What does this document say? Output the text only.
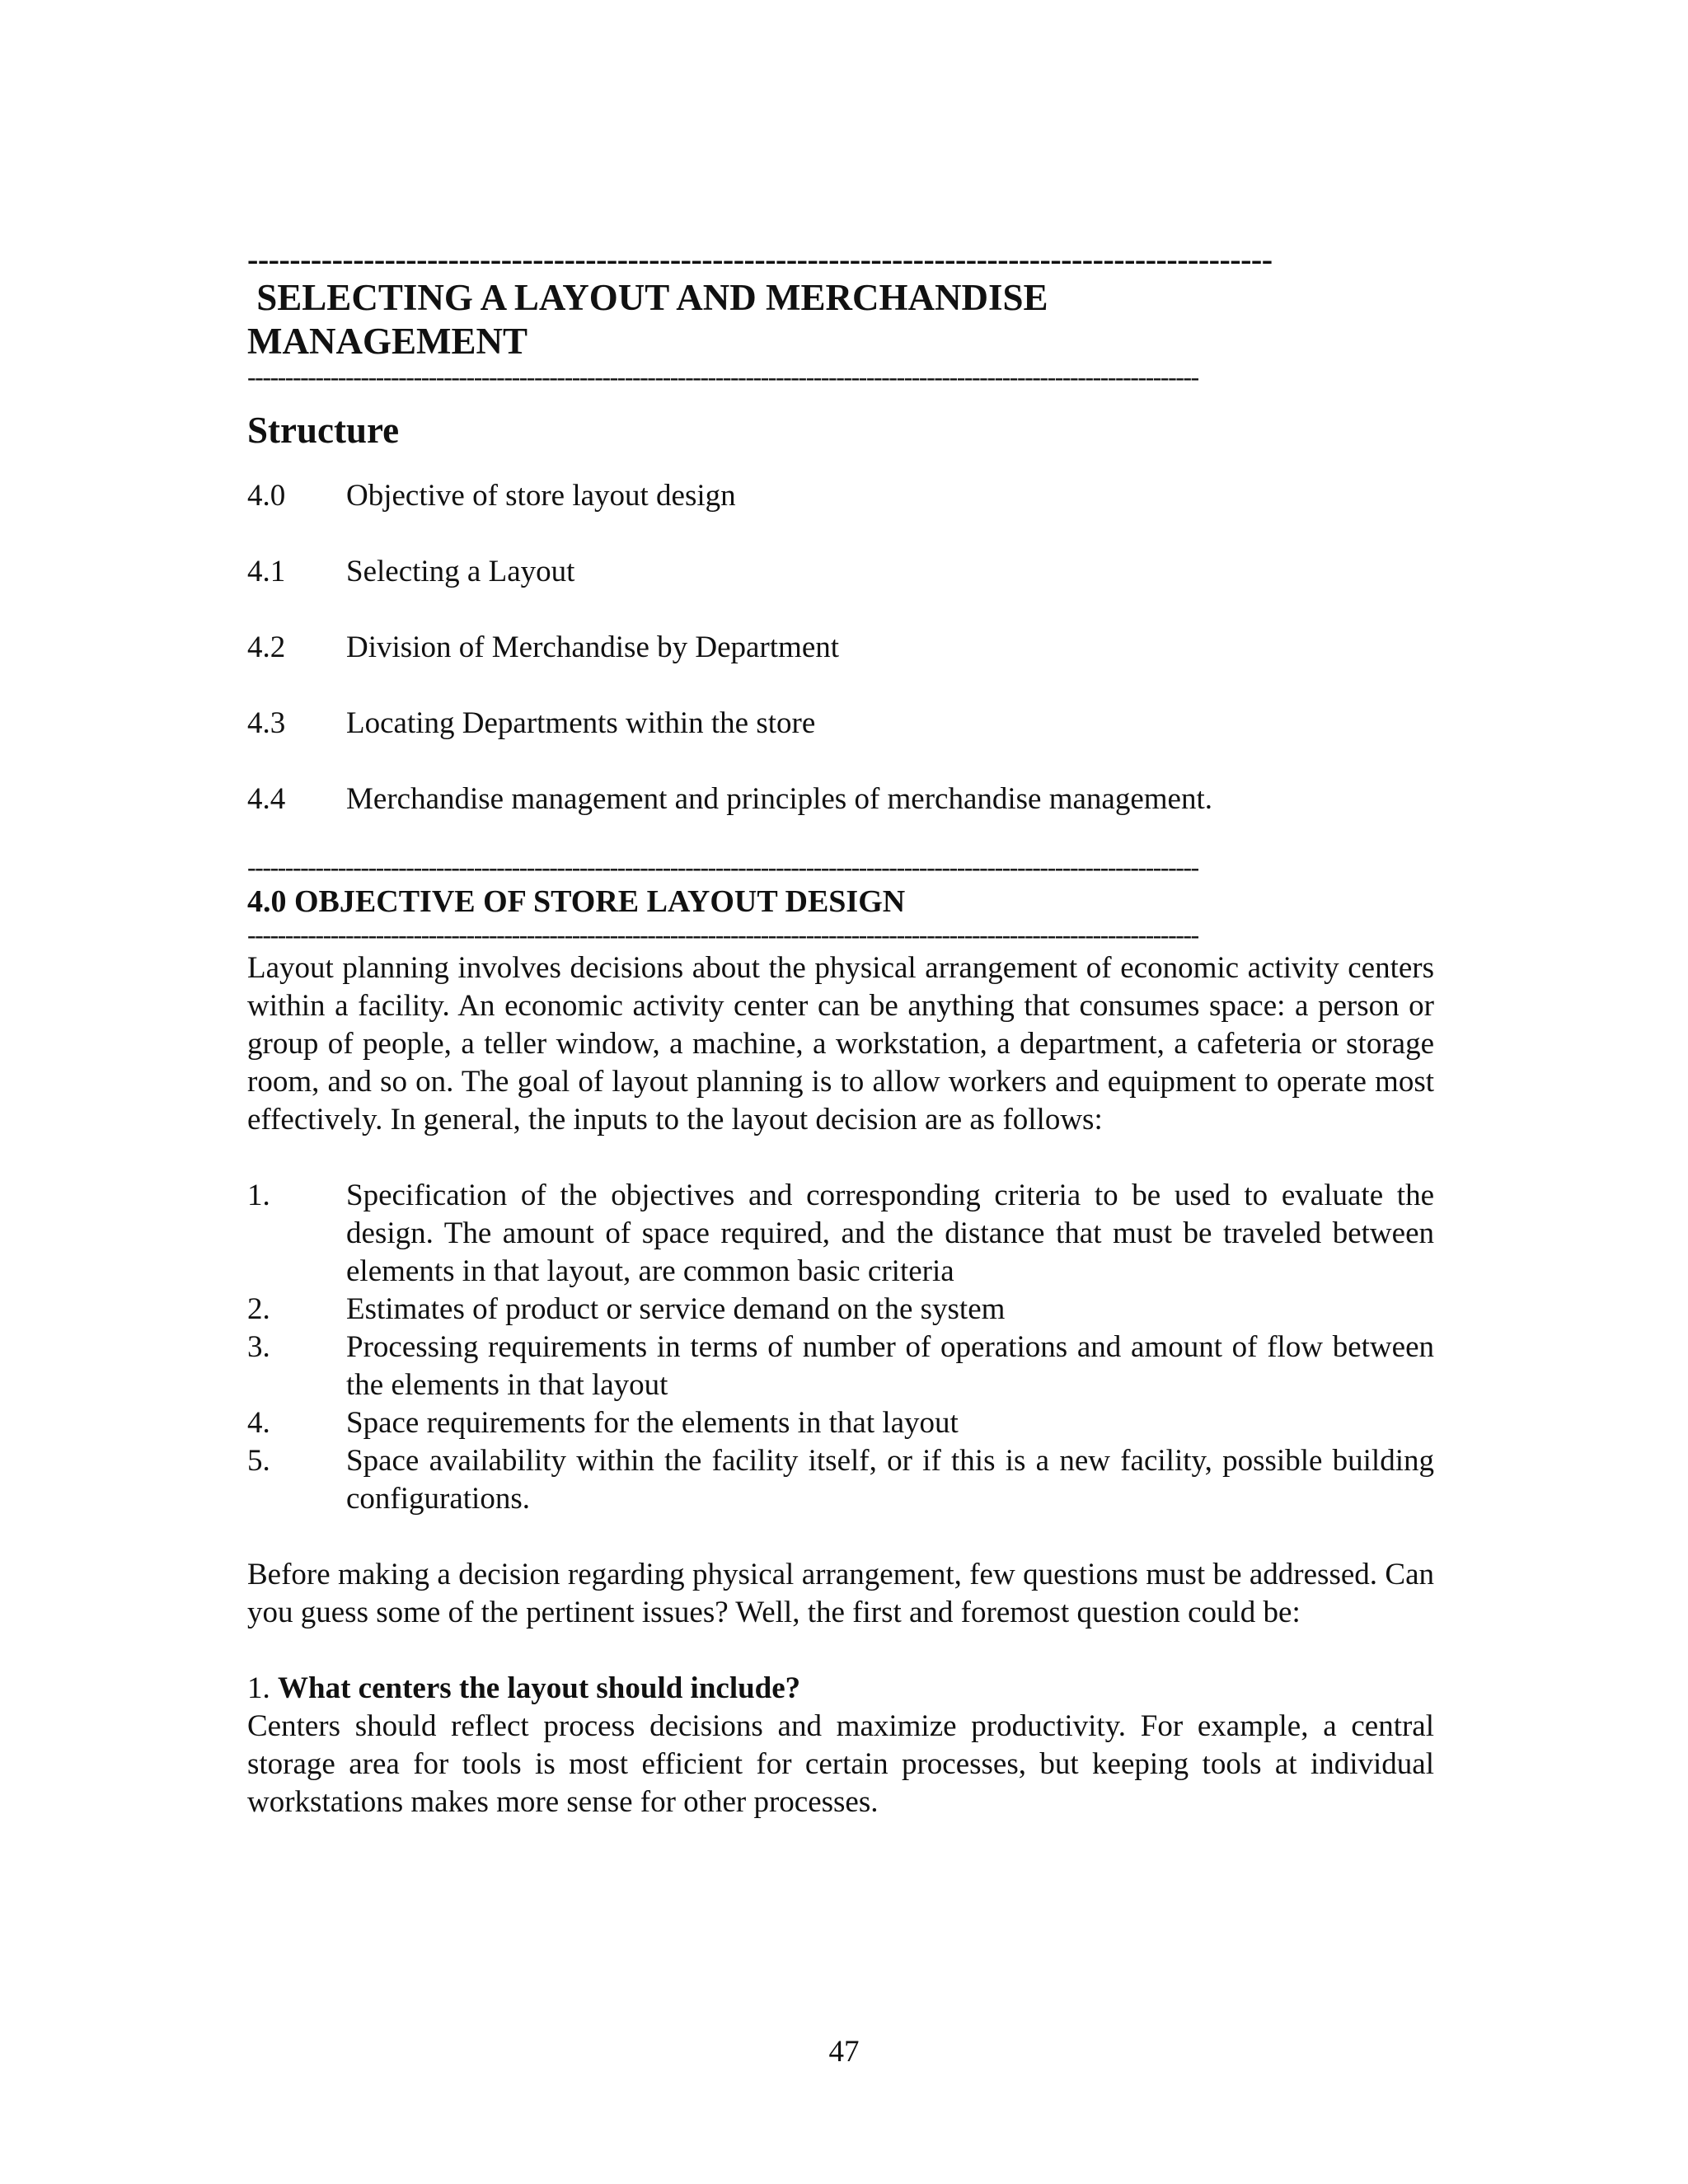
-------------------------------------------------------------------------------------------------
SELECTING A LAYOUT AND MERCHANDISE
MANAGEMENT
------------------------------------------------------------------------------------------------------------------------------
Structure
4.0	Objective of store layout design
4.1	Selecting a Layout
4.2	Division of Merchandise by Department
4.3	Locating Departments within the store
4.4	Merchandise management and principles of merchandise management.
------------------------------------------------------------------------------------------------------------------------------
4.0 OBJECTIVE OF STORE LAYOUT DESIGN
------------------------------------------------------------------------------------------------------------------------------

Layout planning involves decisions about the physical arrangement of economic activity centers within a facility. An economic activity center can be anything that consumes space: a person or group of people, a teller window, a machine, a workstation, a department, a cafeteria or storage room, and so on. The goal of layout planning is to allow workers and equipment to operate most effectively. In general, the inputs to the layout decision are as follows:

1.	Specification of the objectives and corresponding criteria to be used to evaluate the design. The amount of space required, and the distance that must be traveled between elements in that layout, are common basic criteria
2.	Estimates of product or service demand on the system
3.	Processing requirements in terms of number of operations and amount of flow between the elements in that layout
4.	Space requirements for the elements in that layout
5.	Space availability within the facility itself, or if this is a new facility, possible building configurations.

Before making a decision regarding physical arrangement, few questions must be addressed. Can you guess some of the pertinent issues? Well, the first and foremost question could be:

1. What centers the layout should include?

Centers should reflect process decisions and maximize productivity. For example, a central storage area for tools is most efficient for certain processes, but keeping tools at individual workstations makes more sense for other processes.

47
